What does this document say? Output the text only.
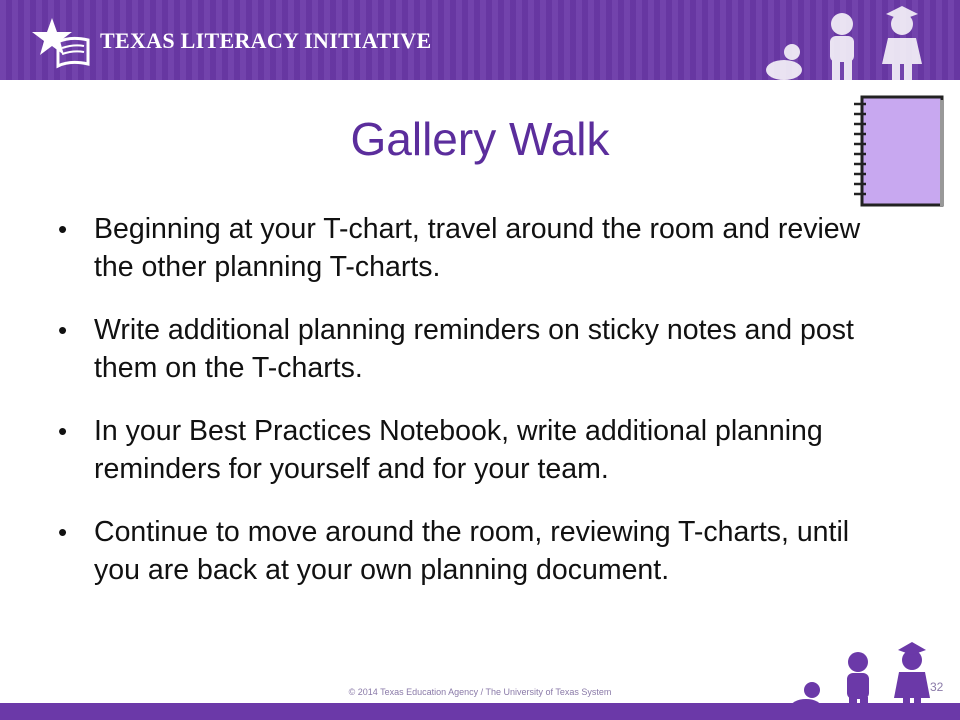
TEXAS LITERACY INITIATIVE
Gallery Walk
• Beginning at your T-chart, travel around the room and review the other planning T-charts.
• Write additional planning reminders on sticky notes and post them on the T-charts.
• In your Best Practices Notebook, write additional planning reminders for yourself and for your team.
• Continue to move around the room, reviewing T-charts, until you are back at your own planning document.
© 2014 Texas Education Agency / The University of Texas System	32
